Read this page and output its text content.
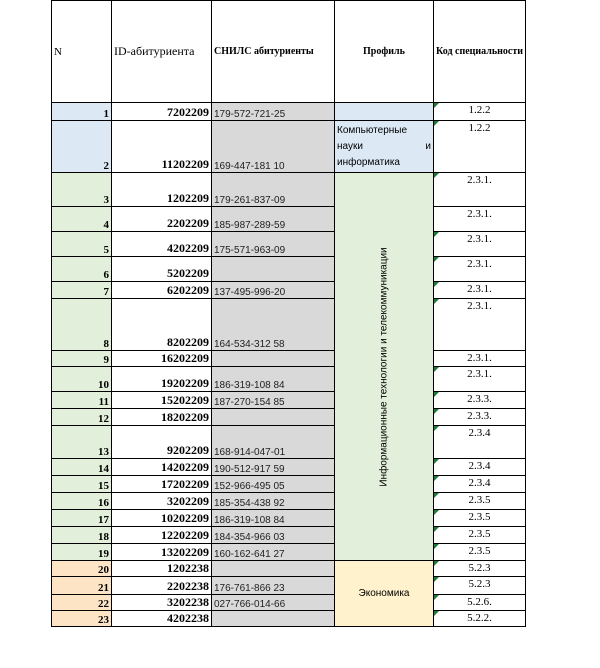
N	ID-абитуриента	СНИЛС абитуриенты	Профиль	Код специальности
1	7202209	179-572-721-25		1.2.2
2	11202209	169-447-181 10	Компьютерные
науки и
информатика	1.2.2
3	1202209	179-261-837-09	Информационные технологии и телекоммуникации	2.3.1.
4	2202209	185-987-289-59		2.3.1.
5	4202209	175-571-963-09		2.3.1.
6	5202209			2.3.1.
7	6202209	137-495-996-20		2.3.1.
8	8202209	164-534-312 58		2.3.1.
9	16202209			2.3.1.
10	19202209	186-319-108 84		2.3.1.
11	15202209	187-270-154 85		2.3.3.
12	18202209			2.3.3.
13	9202209	168-914-047-01		2.3.4
14	14202209	190-512-917 59		2.3.4
15	17202209	152-966-495 05		2.3.4
16	3202209	185-354-438 92		2.3.5
17	10202209	186-319-108 84		2.3.5
18	12202209	184-354-966 03		2.3.5
19	13202209	160-162-641 27		2.3.5
20	1202238		Экономика	5.2.3
21	2202238	176-761-866 23		5.2.3
22	3202238	027-766-014-66		5.2.6.
23	4202238			5.2.2.
